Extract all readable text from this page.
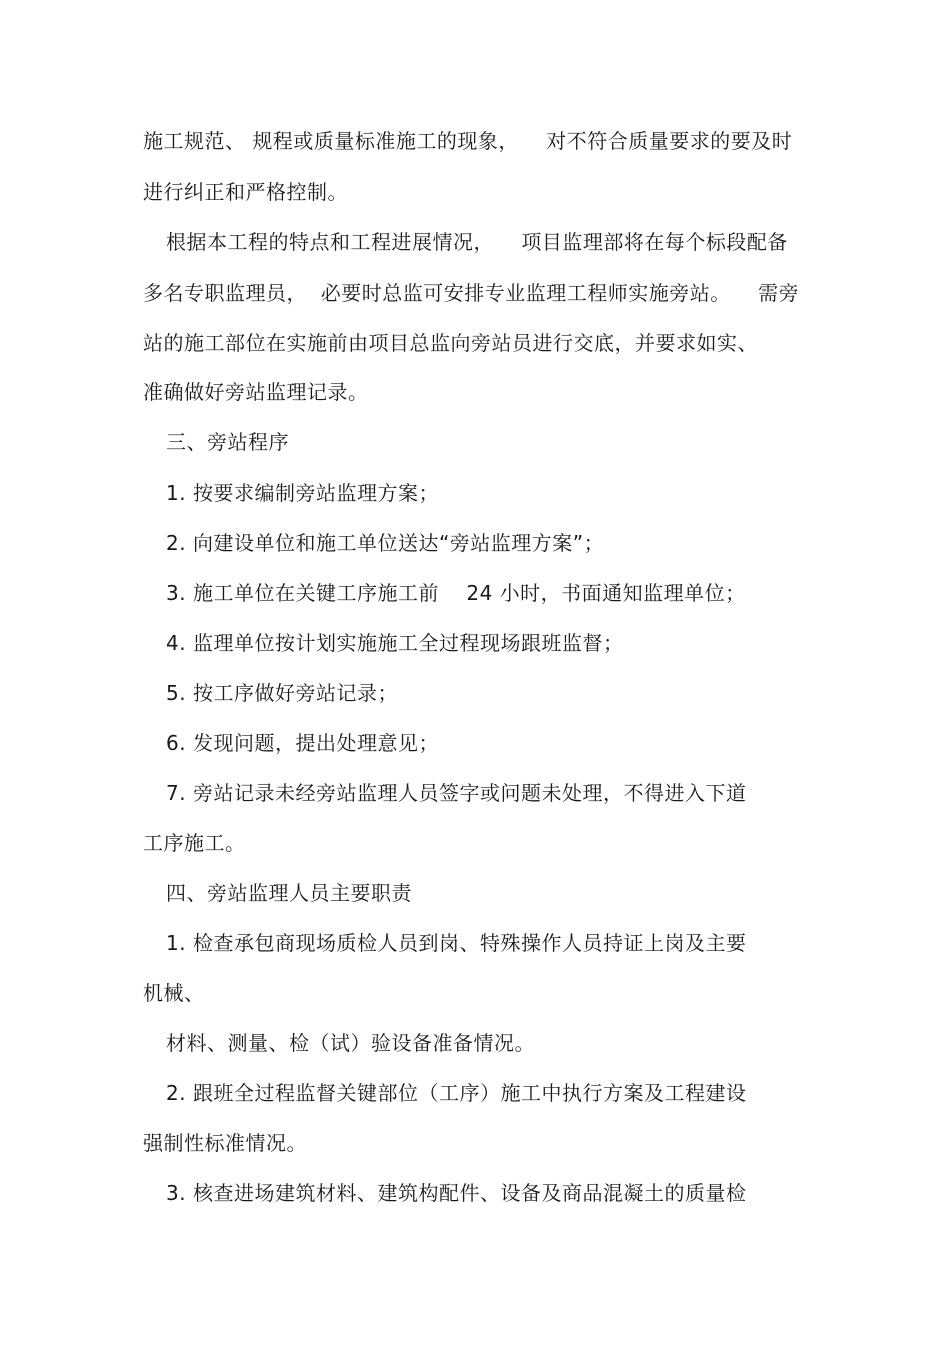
施工规范、 规程或质量标准施工的现象，    对不符合质量要求的要及时
进行纠正和严格控制。
根据本工程的特点和工程进展情况，    项目监理部将在每个标段配备
多名专职监理员，  必要时总监可安排专业监理工程师实施旁站。    需旁
站的施工部位在实施前由项目总监向旁站员进行交底，并要求如实、
准确做好旁站监理记录。
三、旁站程序
1. 按要求编制旁站监理方案；
2. 向建设单位和施工单位送达“旁站监理方案”；
3. 施工单位在关键工序施工前    24 小时，书面通知监理单位；
4. 监理单位按计划实施施工全过程现场跟班监督；
5. 按工序做好旁站记录；
6. 发现问题，提出处理意见；
7. 旁站记录未经旁站监理人员签字或问题未处理，不得进入下道
工序施工。
四、旁站监理人员主要职责
1. 检查承包商现场质检人员到岗、特殊操作人员持证上岗及主要
机械、
材料、测量、检（试）验设备准备情况。
2. 跟班全过程监督关键部位（工序）施工中执行方案及工程建设
强制性标准情况。
3. 核查进场建筑材料、建筑构配件、设备及商品混凝土的质量检
